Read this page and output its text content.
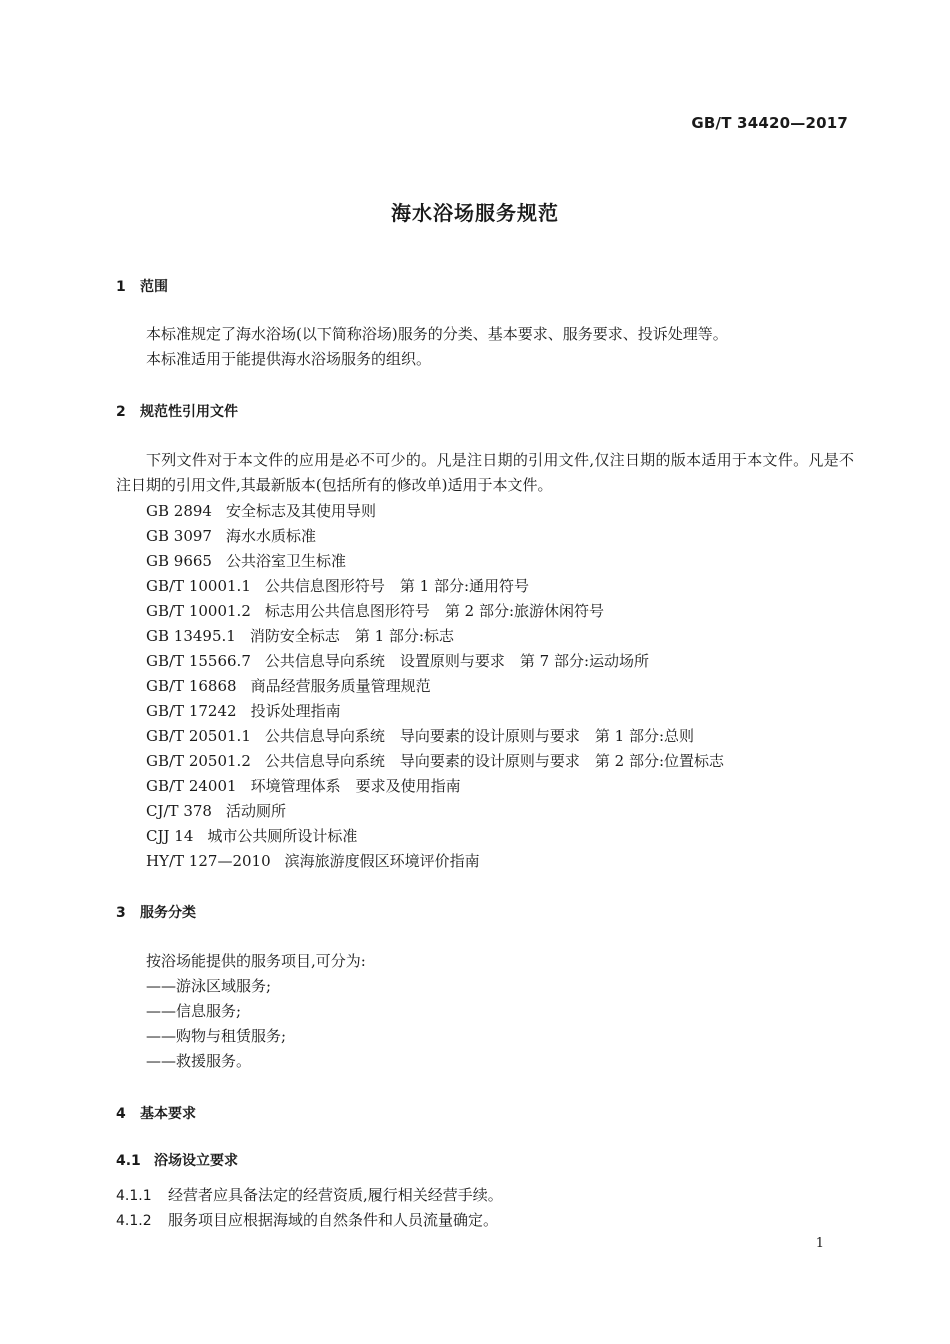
GB/T 34420—2017
海水浴场服务规范
1 范围
本标准规定了海水浴场(以下简称浴场)服务的分类、基本要求、服务要求、投诉处理等。
本标准适用于能提供海水浴场服务的组织。
2 规范性引用文件
下列文件对于本文件的应用是必不可少的。凡是注日期的引用文件,仅注日期的版本适用于本文件。凡是不注日期的引用文件,其最新版本(包括所有的修改单)适用于本文件。
GB 2894 安全标志及其使用导则
GB 3097 海水水质标准
GB 9665 公共浴室卫生标准
GB/T 10001.1 公共信息图形符号　第 1 部分:通用符号
GB/T 10001.2 标志用公共信息图形符号　第 2 部分:旅游休闲符号
GB 13495.1 消防安全标志　第 1 部分:标志
GB/T 15566.7 公共信息导向系统　设置原则与要求　第 7 部分:运动场所
GB/T 16868 商品经营服务质量管理规范
GB/T 17242 投诉处理指南
GB/T 20501.1 公共信息导向系统　导向要素的设计原则与要求　第 1 部分:总则
GB/T 20501.2 公共信息导向系统　导向要素的设计原则与要求　第 2 部分:位置标志
GB/T 24001 环境管理体系　要求及使用指南
CJ/T 378 活动厕所
CJJ 14 城市公共厕所设计标准
HY/T 127—2010 滨海旅游度假区环境评价指南
3 服务分类
按浴场能提供的服务项目,可分为:
——游泳区域服务;
——信息服务;
——购物与租赁服务;
——救援服务。
4 基本要求
4.1 浴场设立要求
4.1.1 经营者应具备法定的经营资质,履行相关经营手续。
4.1.2 服务项目应根据海域的自然条件和人员流量确定。
1
